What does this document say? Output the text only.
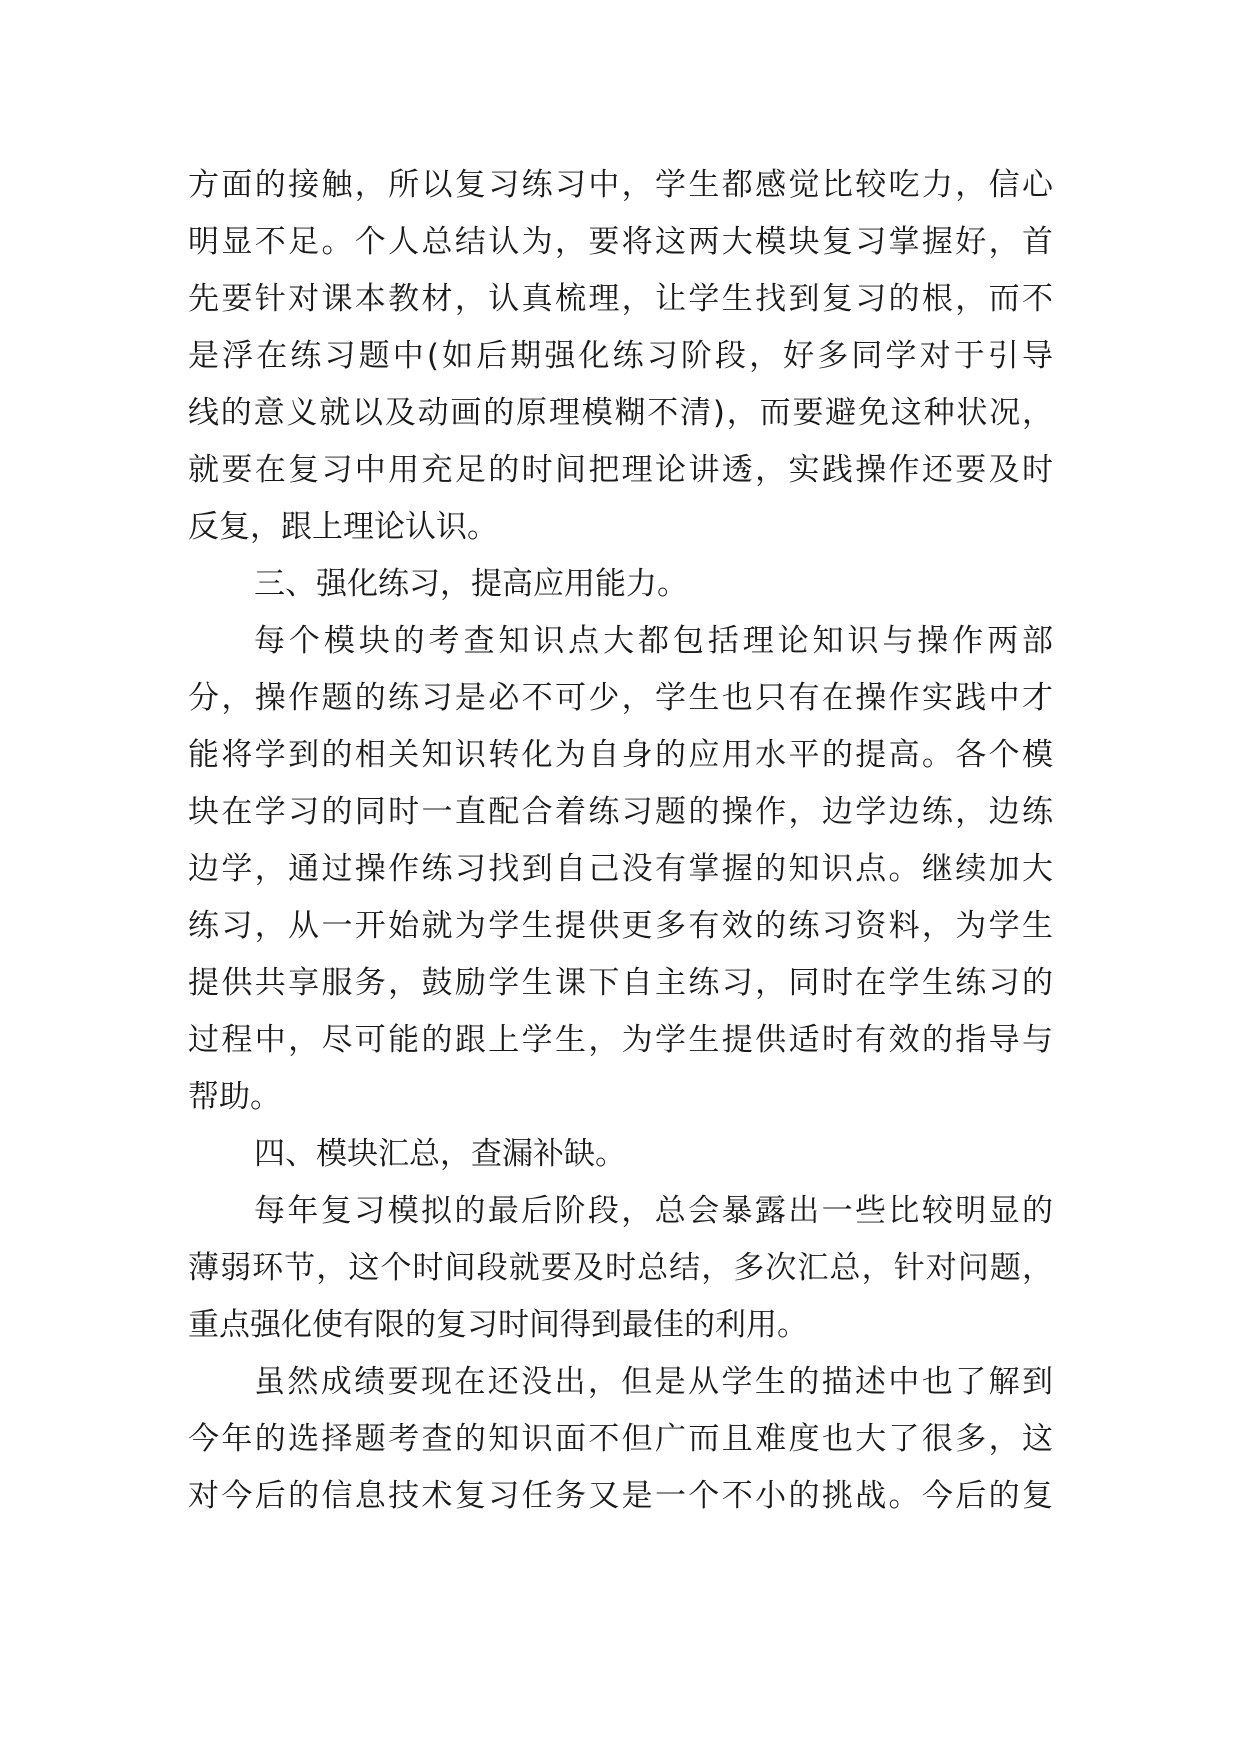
方面的接触，所以复习练习中，学生都感觉比较吃力，信心
明显不足。个人总结认为，要将这两大模块复习掌握好，首
先要针对课本教材，认真梳理，让学生找到复习的根，而不
是浮在练习题中(如后期强化练习阶段，好多同学对于引导
线的意义就以及动画的原理模糊不清)，而要避免这种状况，
就要在复习中用充足的时间把理论讲透，实践操作还要及时
反复，跟上理论认识。
三、强化练习，提高应用能力。
每个模块的考查知识点大都包括理论知识与操作两部
分，操作题的练习是必不可少，学生也只有在操作实践中才
能将学到的相关知识转化为自身的应用水平的提高。各个模
块在学习的同时一直配合着练习题的操作，边学边练，边练
边学，通过操作练习找到自己没有掌握的知识点。继续加大
练习，从一开始就为学生提供更多有效的练习资料，为学生
提供共享服务，鼓励学生课下自主练习，同时在学生练习的
过程中，尽可能的跟上学生，为学生提供适时有效的指导与
帮助。
四、模块汇总，查漏补缺。
每年复习模拟的最后阶段，总会暴露出一些比较明显的
薄弱环节，这个时间段就要及时总结，多次汇总，针对问题，
重点强化使有限的复习时间得到最佳的利用。
虽然成绩要现在还没出，但是从学生的描述中也了解到
今年的选择题考查的知识面不但广而且难度也大了很多，这
对今后的信息技术复习任务又是一个不小的挑战。今后的复
